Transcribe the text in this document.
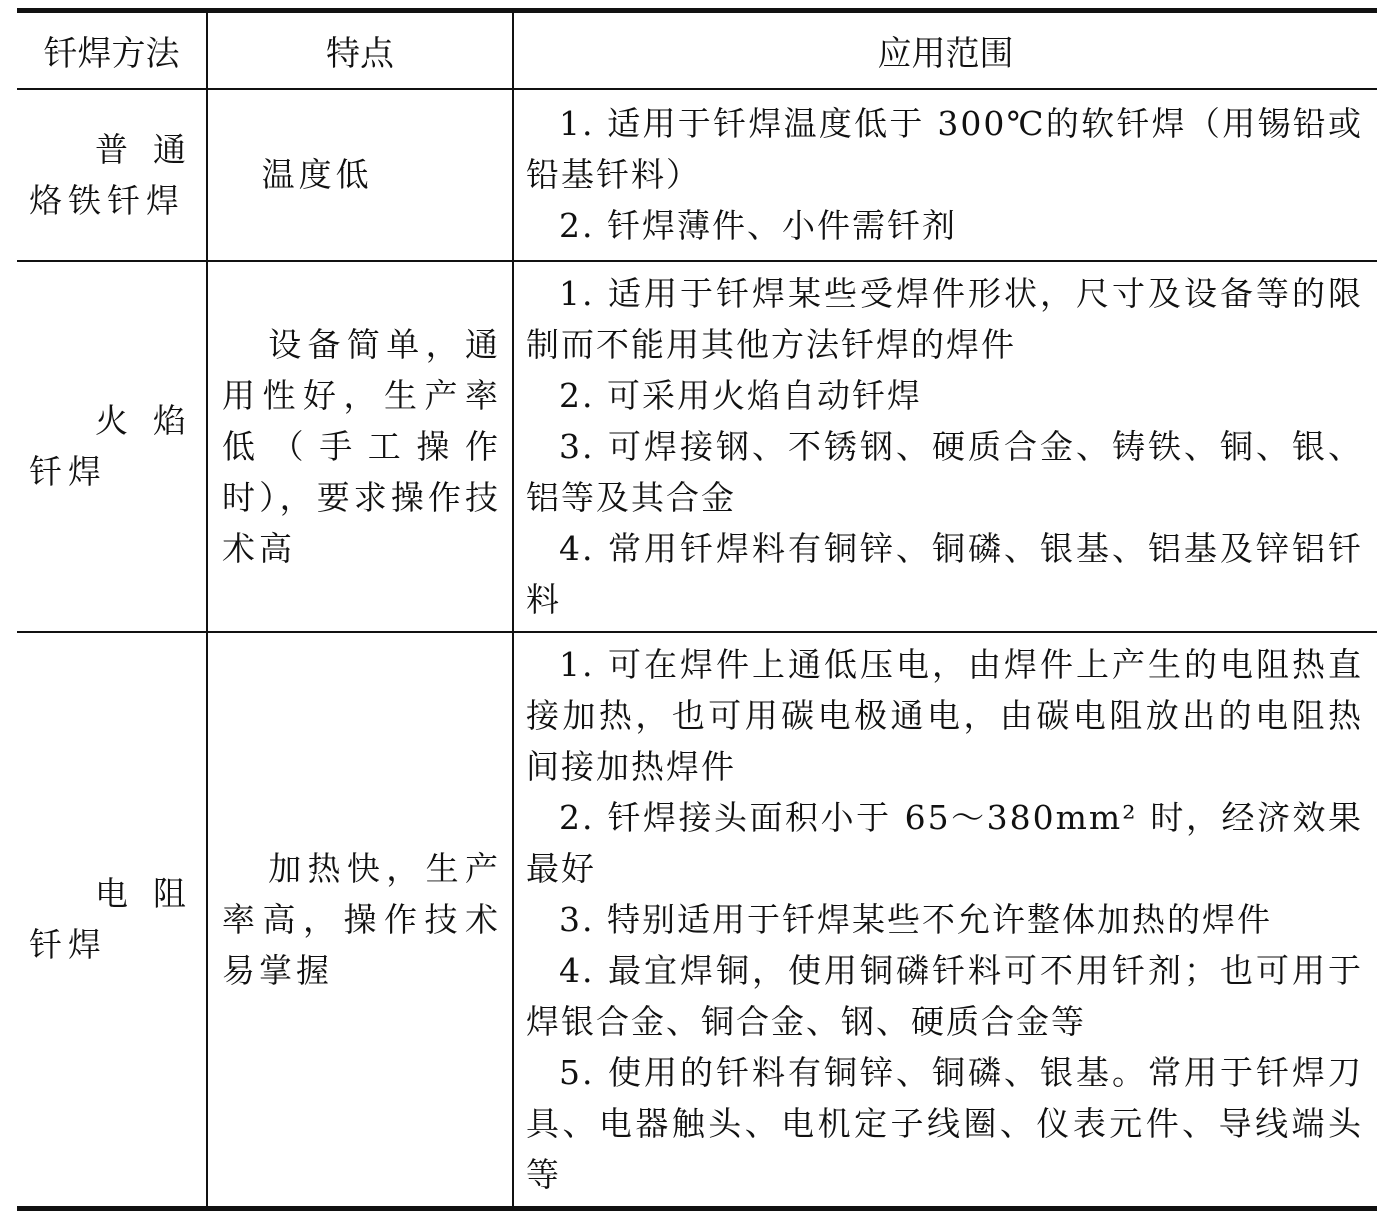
钎焊方法	特点	应用范围
普通烙铁钎焊	温度低	1. 适用于钎焊温度低于 300℃的软钎焊（用锡铅或铅基钎料）

2. 钎焊薄件、小件需钎剂

火焰钎焊	设备简单，通用性好，生产率低（手工操作时），要求操作技术高	1. 适用于钎焊某些受焊件形状，尺寸及设备等的限制而不能用其他方法钎焊的焊件

2. 可采用火焰自动钎焊

3. 可焊接钢、不锈钢、硬质合金、铸铁、铜、银、铝等及其合金

4. 常用钎焊料有铜锌、铜磷、银基、铝基及锌铝钎料

电阻钎焊	加热快，生产率高，操作技术易掌握	1. 可在焊件上通低压电，由焊件上产生的电阻热直接加热，也可用碳电极通电，由碳电阻放出的电阻热间接加热焊件

2. 钎焊接头面积小于 65～380mm² 时，经济效果最好

3. 特别适用于钎焊某些不允许整体加热的焊件

4. 最宜焊铜，使用铜磷钎料可不用钎剂；也可用于焊银合金、铜合金、钢、硬质合金等

5. 使用的钎料有铜锌、铜磷、银基。常用于钎焊刀具、电器触头、电机定子线圈、仪表元件、导线端头等
